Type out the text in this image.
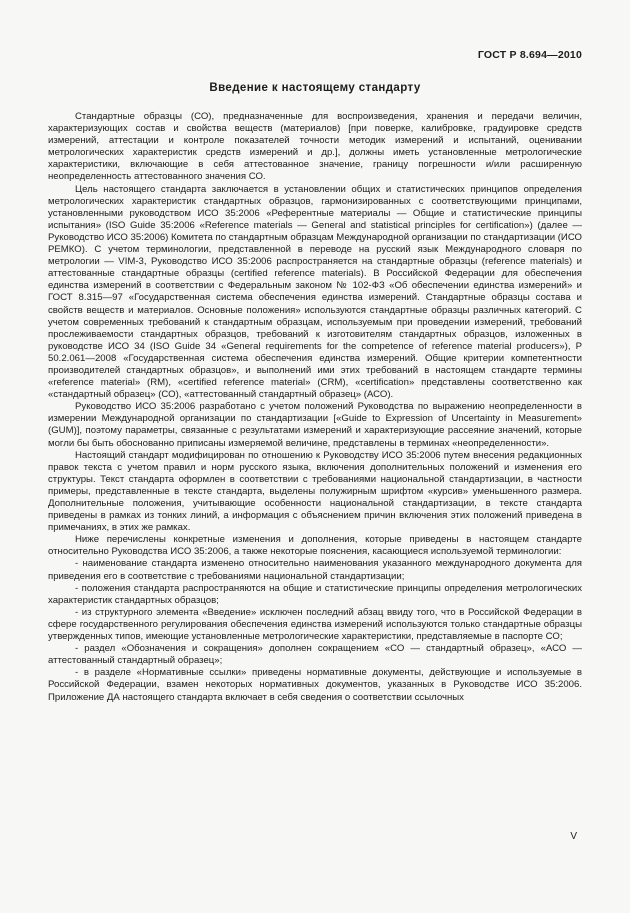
ГОСТ Р 8.694—2010
Введение к настоящему стандарту

Стандартные образцы (СО), предназначенные для воспроизведения, хранения и передачи величин, характеризующих состав и свойства веществ (материалов) [при поверке, калибровке, градуировке средств измерений, аттестации и контроле показателей точности методик измерений и испытаний, оценивании метрологических характеристик средств измерений и др.], должны иметь установленные метрологические характеристики, включающие в себя аттестованное значение, границу погрешности и/или расширенную неопределенность аттестованного значения СО.

Цель настоящего стандарта заключается в установлении общих и статистических принципов определения метрологических характеристик стандартных образцов, гармонизированных с соответствующими принципами, установленными руководством ИСО 35:2006 «Референтные материалы — Общие и статистические принципы испытания» (ISO Guide 35:2006 «Reference materials — General and statistical principles for certification») (далее — Руководство ИСО 35:2006) Комитета по стандартным образцам Международной организации по стандартизации (ИСО РЕМКО). С учетом терминологии, представленной в переводе на русский язык Международного словаря по метрологии — VIM-3, Руководство ИСО 35:2006 распространяется на стандартные образцы (reference materials) и аттестованные стандартные образцы (certified reference materials). В Российской Федерации для обеспечения единства измерений в соответствии с Федеральным законом № 102-ФЗ «Об обеспечении единства измерений» и ГОСТ 8.315—97 «Государственная система обеспечения единства измерений. Стандартные образцы состава и свойств веществ и материалов. Основные положения» используются стандартные образцы различных категорий. С учетом современных требований к стандартным образцам, используемым при проведении измерений, требований прослеживаемости стандартных образцов, требований к изготовителям стандартных образцов, изложенных в руководстве ИСО 34 (ISO Guide 34 «General requirements for the competence of reference material producers»), Р 50.2.061—2008 «Государственная система обеспечения единства измерений. Общие критерии компетентности производителей стандартных образцов», и выполнений ими этих требований в настоящем стандарте термины «reference material» (RM), «certified reference material» (CRM), «certification» представлены соответственно как «стандартный образец» (СО), «аттестованный стандартный образец» (АСО).

Руководство ИСО 35:2006 разработано с учетом положений Руководства по выражению неопределенности в измерении Международной организации по стандартизации [«Guide to Expression of Uncertainty in Measurement» (GUM)], поэтому параметры, связанные с результатами измерений и характеризующие рассеяние значений, которые могли бы быть обоснованно приписаны измеряемой величине, представлены в терминах «неопределенности».

Настоящий стандарт модифицирован по отношению к Руководству ИСО 35:2006 путем внесения редакционных правок текста с учетом правил и норм русского языка, включения дополнительных положений и изменения его структуры. Текст стандарта оформлен в соответствии с требованиями национальной стандартизации, в частности примеры, представленные в тексте стандарта, выделены полужирным шрифтом «курсив» уменьшенного размера. Дополнительные положения, учитывающие особенности национальной стандартизации, в тексте стандарта приведены в рамках из тонких линий, а информация с объяснением причин включения этих положений приведена в примечаниях, в этих же рамках.

Ниже перечислены конкретные изменения и дополнения, которые приведены в настоящем стандарте относительно Руководства ИСО 35:2006, а также некоторые пояснения, касающиеся используемой терминологии:

- наименование стандарта изменено относительно наименования указанного международного документа для приведения его в соответствие с требованиями национальной стандартизации;

- положения стандарта распространяются на общие и статистические принципы определения метрологических характеристик стандартных образцов;

- из структурного элемента «Введение» исключен последний абзац ввиду того, что в Российской Федерации в сфере государственного регулирования обеспечения единства измерений используются только стандартные образцы утвержденных типов, имеющие установленные метрологические характеристики, представляемые в паспорте СО;

- раздел «Обозначения и сокращения» дополнен сокращением «СО — стандартный образец», «АСО — аттестованный стандартный образец»;

- в разделе «Нормативные ссылки» приведены нормативные документы, действующие и используемые в Российской Федерации, взамен некоторых нормативных документов, указанных в Руководстве ИСО 35:2006. Приложение ДА настоящего стандарта включает в себя сведения о соответствии ссылочных

V
